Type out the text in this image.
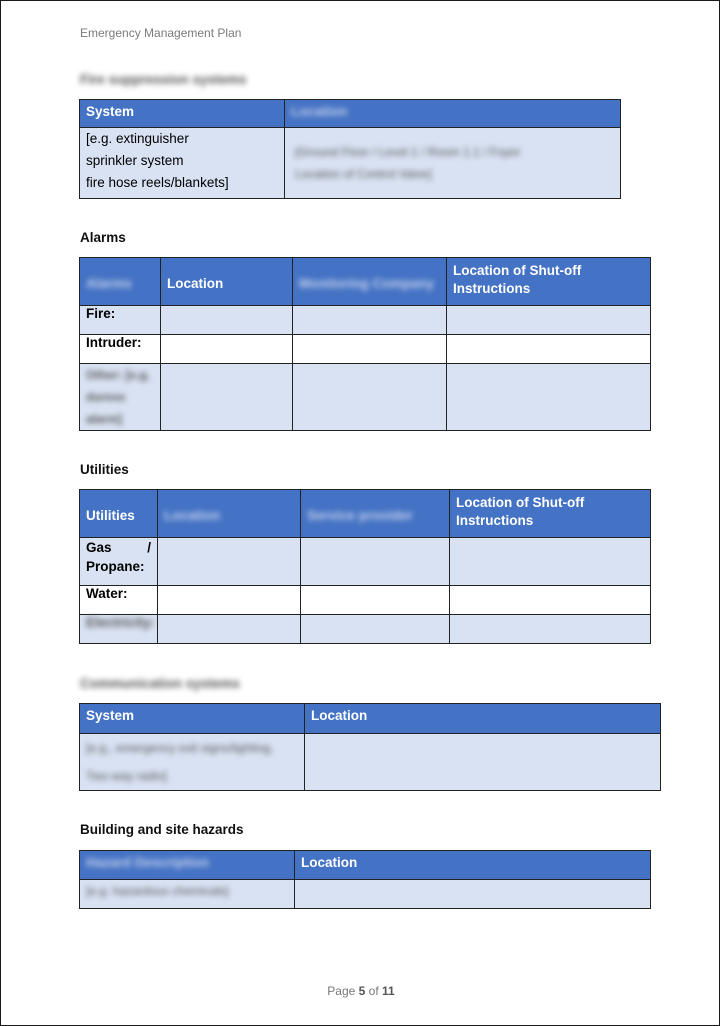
Emergency Management Plan
Fire suppression systems
System	Location

[e.g. extinguisher
sprinkler system
fire hose reels/blankets]

[Ground Floor / Level 1 / Room 1.1 / Foyer
Location of Control Valve]
Alarms
Alarms	Location	Monitoring Company	Location of Shut-off Instructions
Fire:			
Intruder:			
Other: [e.g. duress alarm]			
Utilities
Utilities	Location	Service provider	Location of Shut-off Instructions

Gas /
Propane:			

Water:			
Electricity:			
Communication systems
System	Location

[e.g., emergency exit signs/lighting,
Two-way radio]	

Building and site hazards
Hazard Description	Location
[e.g. hazardous chemicals]	
Page 5 of 11
